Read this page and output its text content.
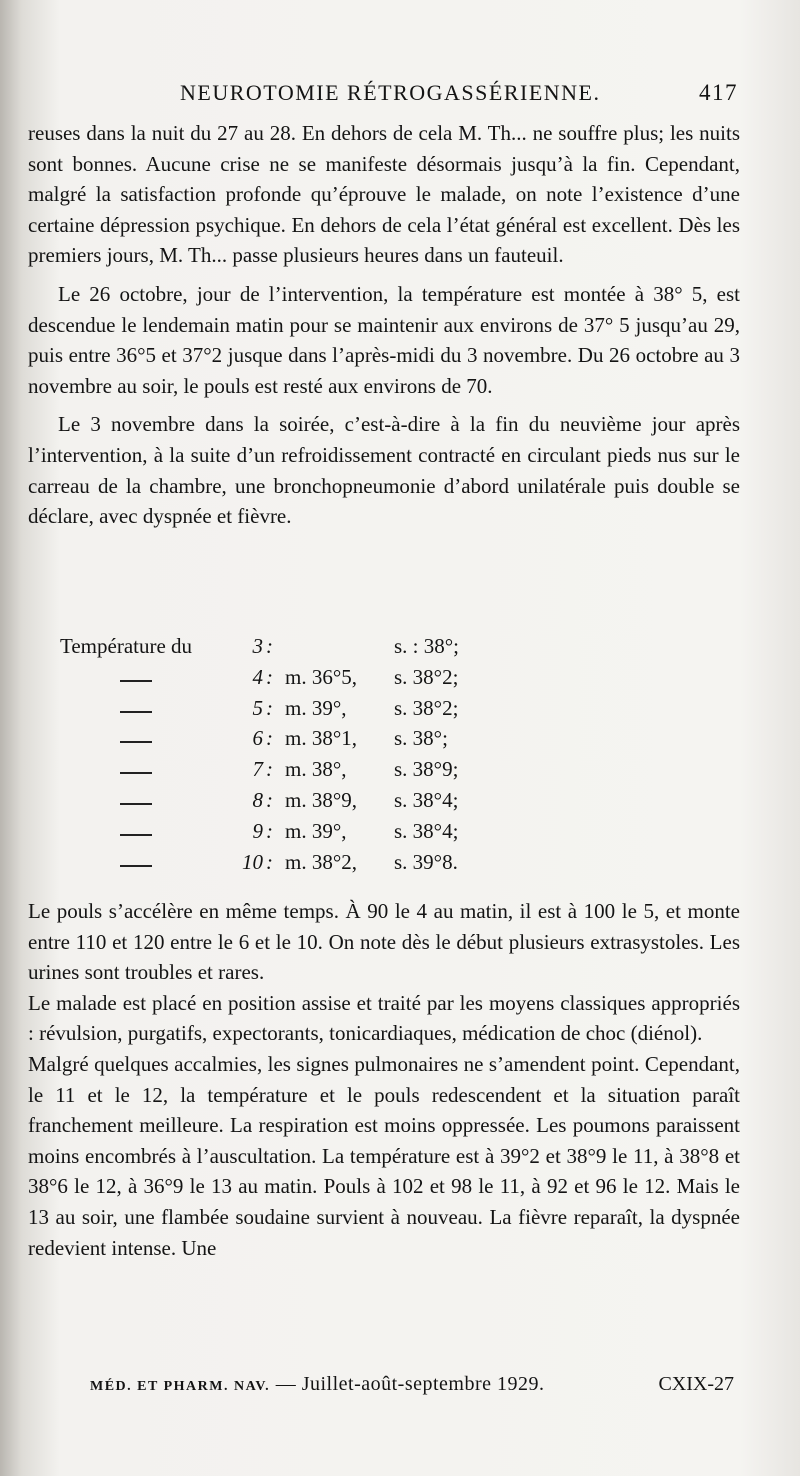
NEUROTOMIE RÉTROGASSÉRIENNE.	417

reuses dans la nuit du 27 au 28. En dehors de cela M. Th... ne souffre plus; les nuits sont bonnes. Aucune crise ne se manifeste désormais jusqu’à la fin. Cependant, malgré la satisfaction profonde qu’éprouve le malade, on note l’existence d’une certaine dépression psychique. En dehors de cela l’état général est excellent. Dès les premiers jours, M. Th... passe plusieurs heures dans un fauteuil.

Le 26 octobre, jour de l’intervention, la température est montée à 38° 5, est descendue le lendemain matin pour se maintenir aux environs de 37° 5 jusqu’au 29, puis entre 36°5 et 37°2 jusque dans l’après-midi du 3 novembre. Du 26 octobre au 3 novembre au soir, le pouls est resté aux environs de 70.

Le 3 novembre dans la soirée, c’est-à-dire à la fin du neuvième jour après l’intervention, à la suite d’un refroidissement contracté en circulant pieds nus sur le carreau de la chambre, une bronchopneumonie d’abord unilatérale puis double se déclare, avec dyspnée et fièvre.

Température du	3 :	s. : 38°;
4 : m. 36°5, s. 38°2;
5 : m. 39°, s. 38°2;
6 : m. 38°1, s. 38°;
7 : m. 38°, s. 38°9;
8 : m. 38°9, s. 38°4;
9 : m. 39°, s. 38°4;
10 : m. 38°2, s. 39°8.

Le pouls s’accélère en même temps. À 90 le 4 au matin, il est à 100 le 5, et monte entre 110 et 120 entre le 6 et le 10. On note dès le début plusieurs extrasystoles. Les urines sont troubles et rares.

Le malade est placé en position assise et traité par les moyens classiques appropriés : révulsion, purgatifs, expectorants, tonicardiaques, médication de choc (diénol).

Malgré quelques accalmies, les signes pulmonaires ne s’amendent point. Cependant, le 11 et le 12, la température et le pouls redescendent et la situation paraît franchement meilleure. La respiration est moins oppressée. Les poumons paraissent moins encombrés à l’auscultation. La température est à 39°2 et 38°9 le 11, à 38°8 et 38°6 le 12, à 36°9 le 13 au matin. Pouls à 102 et 98 le 11, à 92 et 96 le 12. Mais le 13 au soir, une flambée soudaine survient à nouveau. La fièvre reparaît, la dyspnée redevient intense. Une

MÉD. ET PHARM. NAV. — Juillet-août-septembre 1929.	CXIX-27
